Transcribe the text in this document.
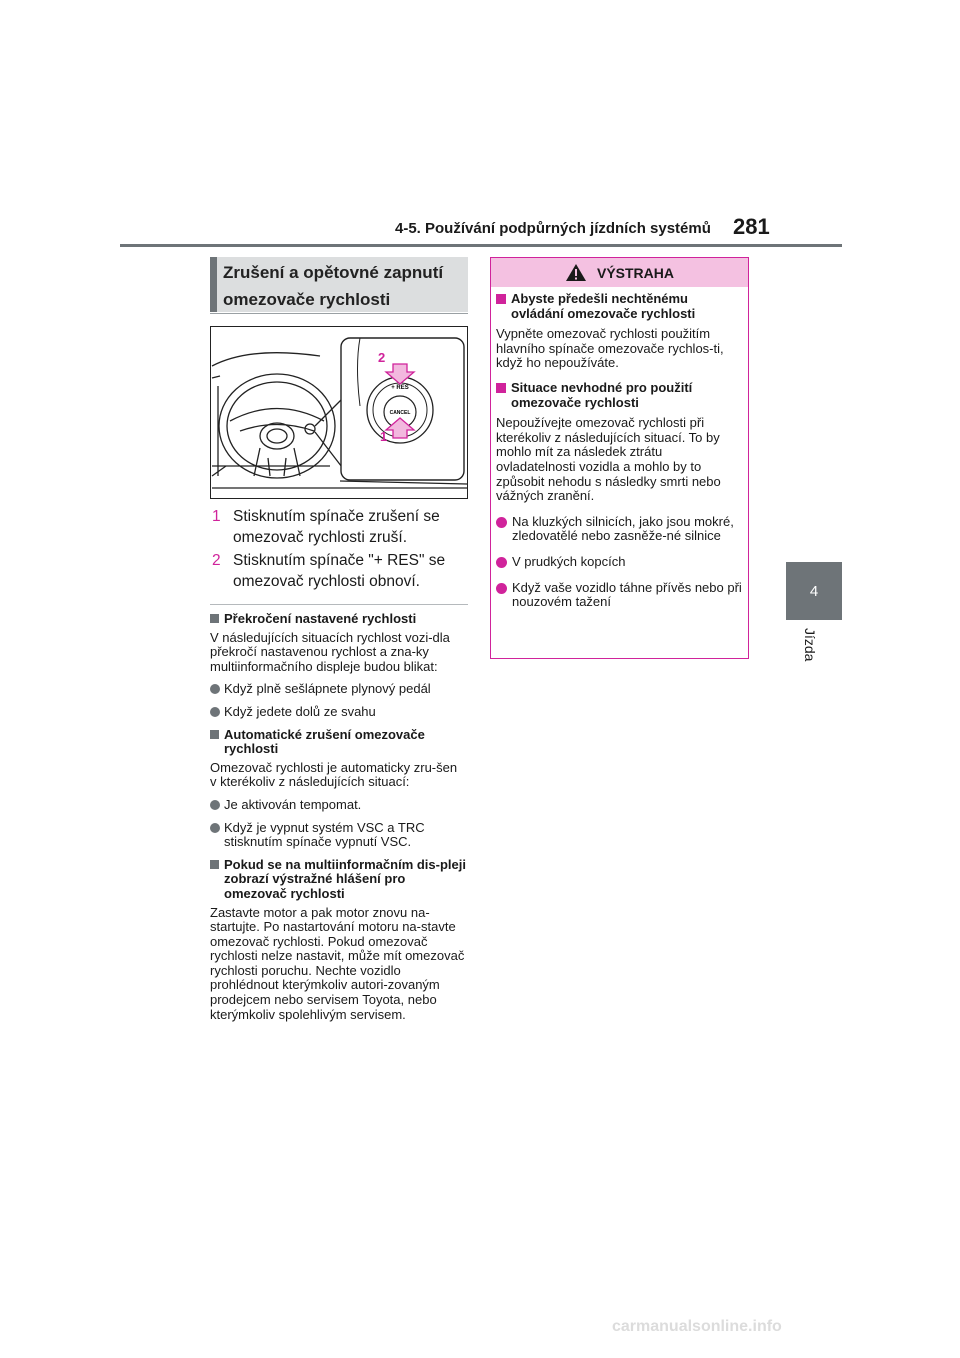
4-5. Používání podpůrných jízdních systémů 281
4
Jízda
Zrušení a opětovné zapnutí
omezovače rychlosti
+ RES
CANCEL
2
1
1 Stisknutím spínače zrušení se omezovač rychlosti zruší.
2 Stisknutím spínače "+ RES" se omezovač rychlosti obnoví.

Překročení nastavené rychlosti

V následujících situacích rychlost vozi-dla překročí nastavenou rychlost a zna-ky multiinformačního displeje budou blikat:

Když plně sešlápnete plynový pedál

Když jedete dolů ze svahu

Automatické zrušení omezovače rychlosti

Omezovač rychlosti je automaticky zru-šen v kterékoliv z následujících situací:

Je aktivován tempomat.

Když je vypnut systém VSC a TRC stisknutím spínače vypnutí VSC.

Pokud se na multiinformačním dis-pleji zobrazí výstražné hlášení pro omezovač rychlosti

Zastavte motor a pak motor znovu na-startujte. Po nastartování motoru na-stavte omezovač rychlosti. Pokud omezovač rychlosti nelze nastavit, může mít omezovač rychlosti poruchu. Nechte vozidlo prohlédnout kterýmkoliv autori-zovaným prodejcem nebo servisem Toyota, nebo kterýmkoliv spolehlivým servisem.

VÝSTRAHA

Abyste předešli nechtěnému ovládání omezovače rychlosti

Vypněte omezovač rychlosti použitím hlavního spínače omezovače rychlos-ti, když ho nepoužíváte.

Situace nevhodné pro použití omezovače rychlosti

Nepoužívejte omezovač rychlosti při kterékoliv z následujících situací. To by mohlo mít za následek ztrátu ovladatelnosti vozidla a mohlo by to způsobit nehodu s následky smrti nebo vážných zranění.

Na kluzkých silnicích, jako jsou mokré, zledovatělé nebo zasněže-né silnice

V prudkých kopcích

Když vaše vozidlo táhne přívěs nebo při nouzovém tažení

carmanualsonline.info
